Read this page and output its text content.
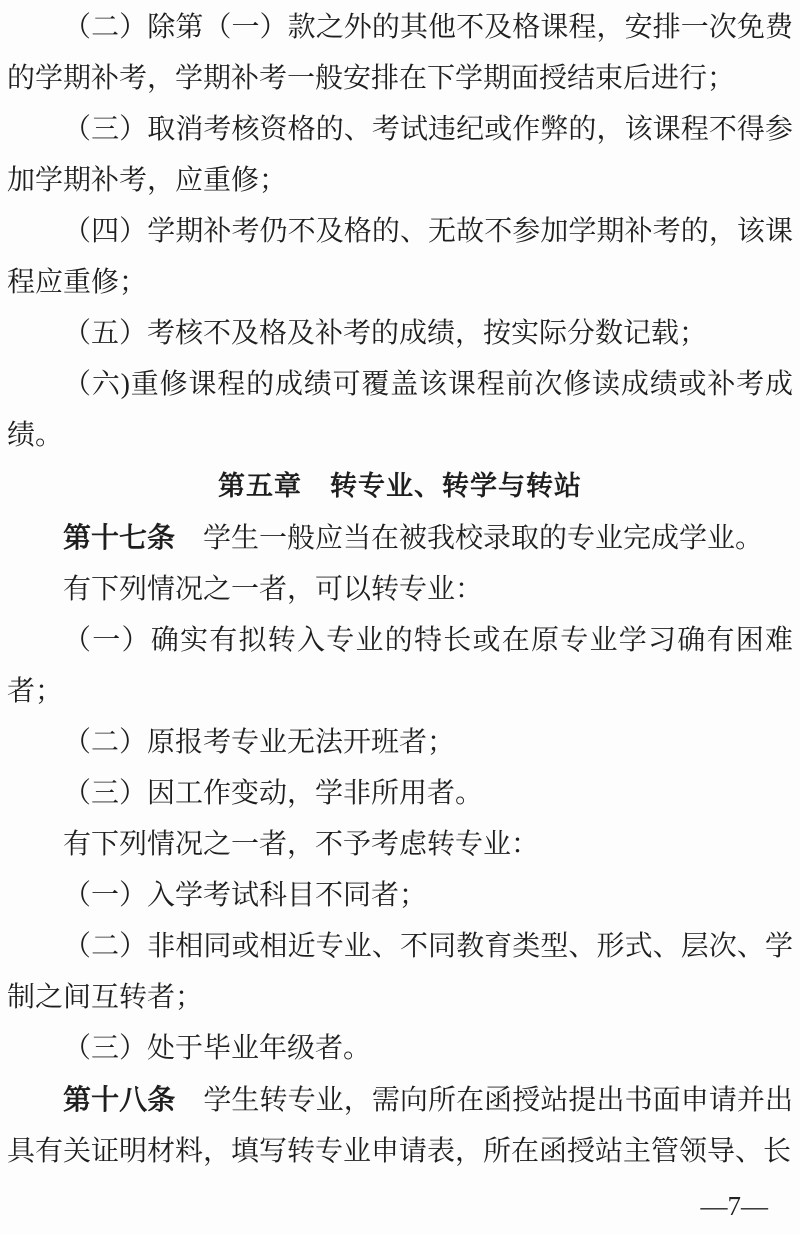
（二）除第（一）款之外的其他不及格课程，安排一次免费的学期补考，学期补考一般安排在下学期面授结束后进行；

（三）取消考核资格的、考试违纪或作弊的，该课程不得参加学期补考，应重修；

（四）学期补考仍不及格的、无故不参加学期补考的，该课程应重修；

（五）考核不及格及补考的成绩，按实际分数记载；

（六)重修课程的成绩可覆盖该课程前次修读成绩或补考成绩。

第五章　转专业、转学与转站

第十七条 学生一般应当在被我校录取的专业完成学业。

有下列情况之一者，可以转专业：

（一）确实有拟转入专业的特长或在原专业学习确有困难者；

（二）原报考专业无法开班者；

（三）因工作变动，学非所用者。

有下列情况之一者，不予考虑转专业：

（一）入学考试科目不同者；

（二）非相同或相近专业、不同教育类型、形式、层次、学制之间互转者；

（三）处于毕业年级者。

第十八条 学生转专业，需向所在函授站提出书面申请并出具有关证明材料，填写转专业申请表，所在函授站主管领导、长

—7—
